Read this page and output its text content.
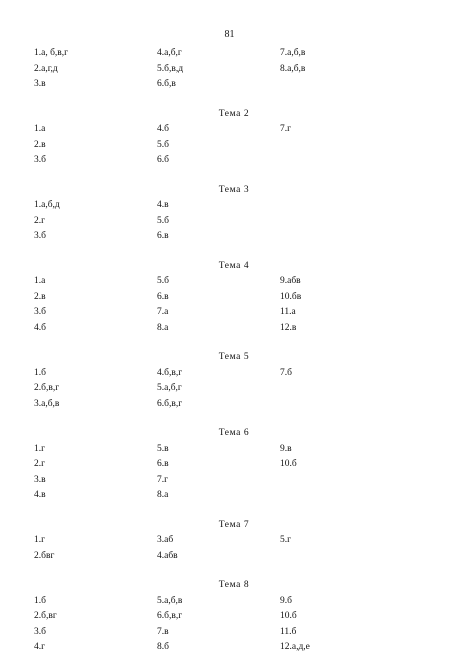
81
1.а, б,в,г	4.а,б,г	7.а,б,в
2.а,г,д	5.б,в,д	8.а,б,в
3.в	6.б,в
Тема 2
1.а	4.б	7.г
2.в	5.б
3.б	6.б
Тема 3
1.а,б,д	4.в
2.г	5.б
3.б	6.в
Тема 4
1.а	5.б	9.абв
2.в	6.в	10.бв
3.б	7.а	11.а
4.б	8.а	12.в
Тема 5
1.б	4.б,в,г	7.б
2.б,в,г	5.а,б,г
3.а,б,в	6.б,в,г
Тема 6
1.г	5.в	9.в
2.г	6.в	10.б
3.в	7.г
4.в	8.а
Тема 7
1.г	3.аб	5.г
2.бвг	4.абв
Тема 8
1.б	5.а,б,в	9.б
2.б,вг	6.б,в,г	10.б
3.б	7.в	11.б
4.г	8.б	12.а,д,е
